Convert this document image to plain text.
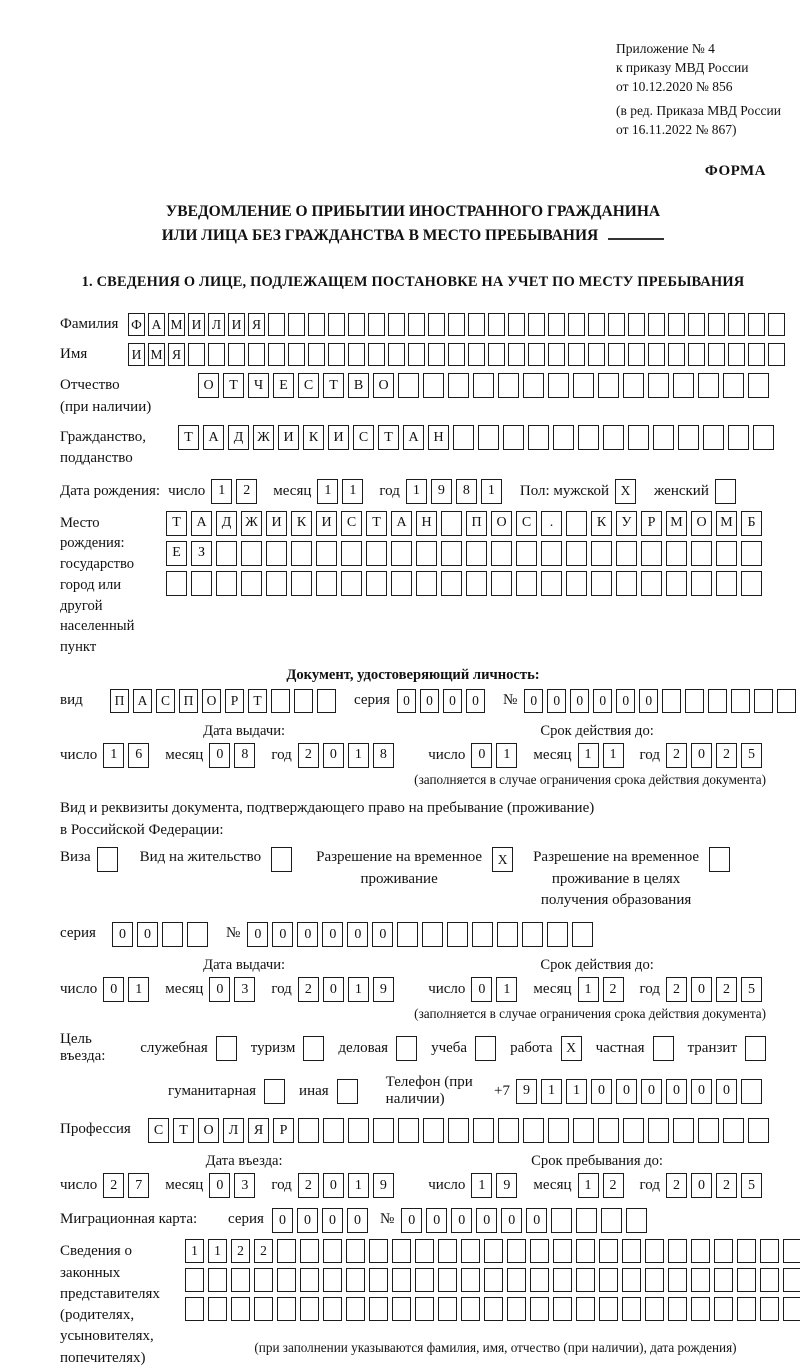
Приложение № 4
к приказу МВД России
от 10.12.2020 № 856
(в ред. Приказа МВД России
от 16.11.2022 № 867)
ФОРМА
УВЕДОМЛЕНИЕ О ПРИБЫТИИ ИНОСТРАННОГО ГРАЖДАНИНА
ИЛИ ЛИЦА БЕЗ ГРАЖДАНСТВА В МЕСТО ПРЕБЫВАНИЯ
1. СВЕДЕНИЯ О ЛИЦЕ, ПОДЛЕЖАЩЕМ ПОСТАНОВКЕ НА УЧЕТ ПО МЕСТУ ПРЕБЫВАНИЯ
Фамилия Ф А М И Л И Я
Имя	И М Я
Отчество
(при наличии)
О	Т	Ч	Е	С	Т	В	О
Гражданство,
подданство
Т	А	Д Ж И	К	И	С	Т	А	Н
Дата рождения: число 1	2	месяц 1	1	год 1	9	8	1	Пол: мужской X	женский
Место рождения:
государство
город или другой
населенный пункт
Т	А	Д Ж И	К	И	С	Т	А	Н	П	О	С	.	К	У	Р	М О М	Б
Е	З
Документ, удостоверяющий личность:
вид	П А	С	П О	Р	Т	серия 0	0	0	0	№ 0	0	0	0	0	0
Дата выдачи:
число 1	6	месяц 0	8	год 2	0	1	8
Срок действия до:
число 0	1	месяц 1	1	год 2	0	2	5
(заполняется в случае ограничения срока действия документа)
Вид и реквизиты документа, подтверждающего право на пребывание (проживание)
в Российской Федерации:
Виза	Вид на жительство	Разрешение на временное
проживание
X	Разрешение на временное
проживание в целях
получения образования
серия	0	0	№	0	0	0	0	0	0
Дата выдачи:
число 0	1	месяц 0	3	год 2	0	1	9
Срок действия до:
число 0	1	месяц 1	2	год 2	0	2	5
(заполняется в случае ограничения срока действия документа)
Цель въезда:
служебная	туризм	деловая	учеба	работа	X	частная	транзит
гуманитарная	иная
Телефон (при наличии)
+7 9	1	1	0	0	0	0	0	0
Профессия	С	Т	О	Л	Я	Р
Дата въезда:
число 2	7	месяц 0	3	год 2	0	1	9
Срок пребывания до:
число 1	9	месяц 1	2	год 2	0	2	5
Миграционная карта:	серия	0	0	0	0	№	0	0	0	0	0	0
Сведения о
законных
представителях
(родителях,
усыновителях,
попечителях)
1	1	2	2
(при заполнении указываются фамилия, имя, отчество (при наличии), дата рождения)
